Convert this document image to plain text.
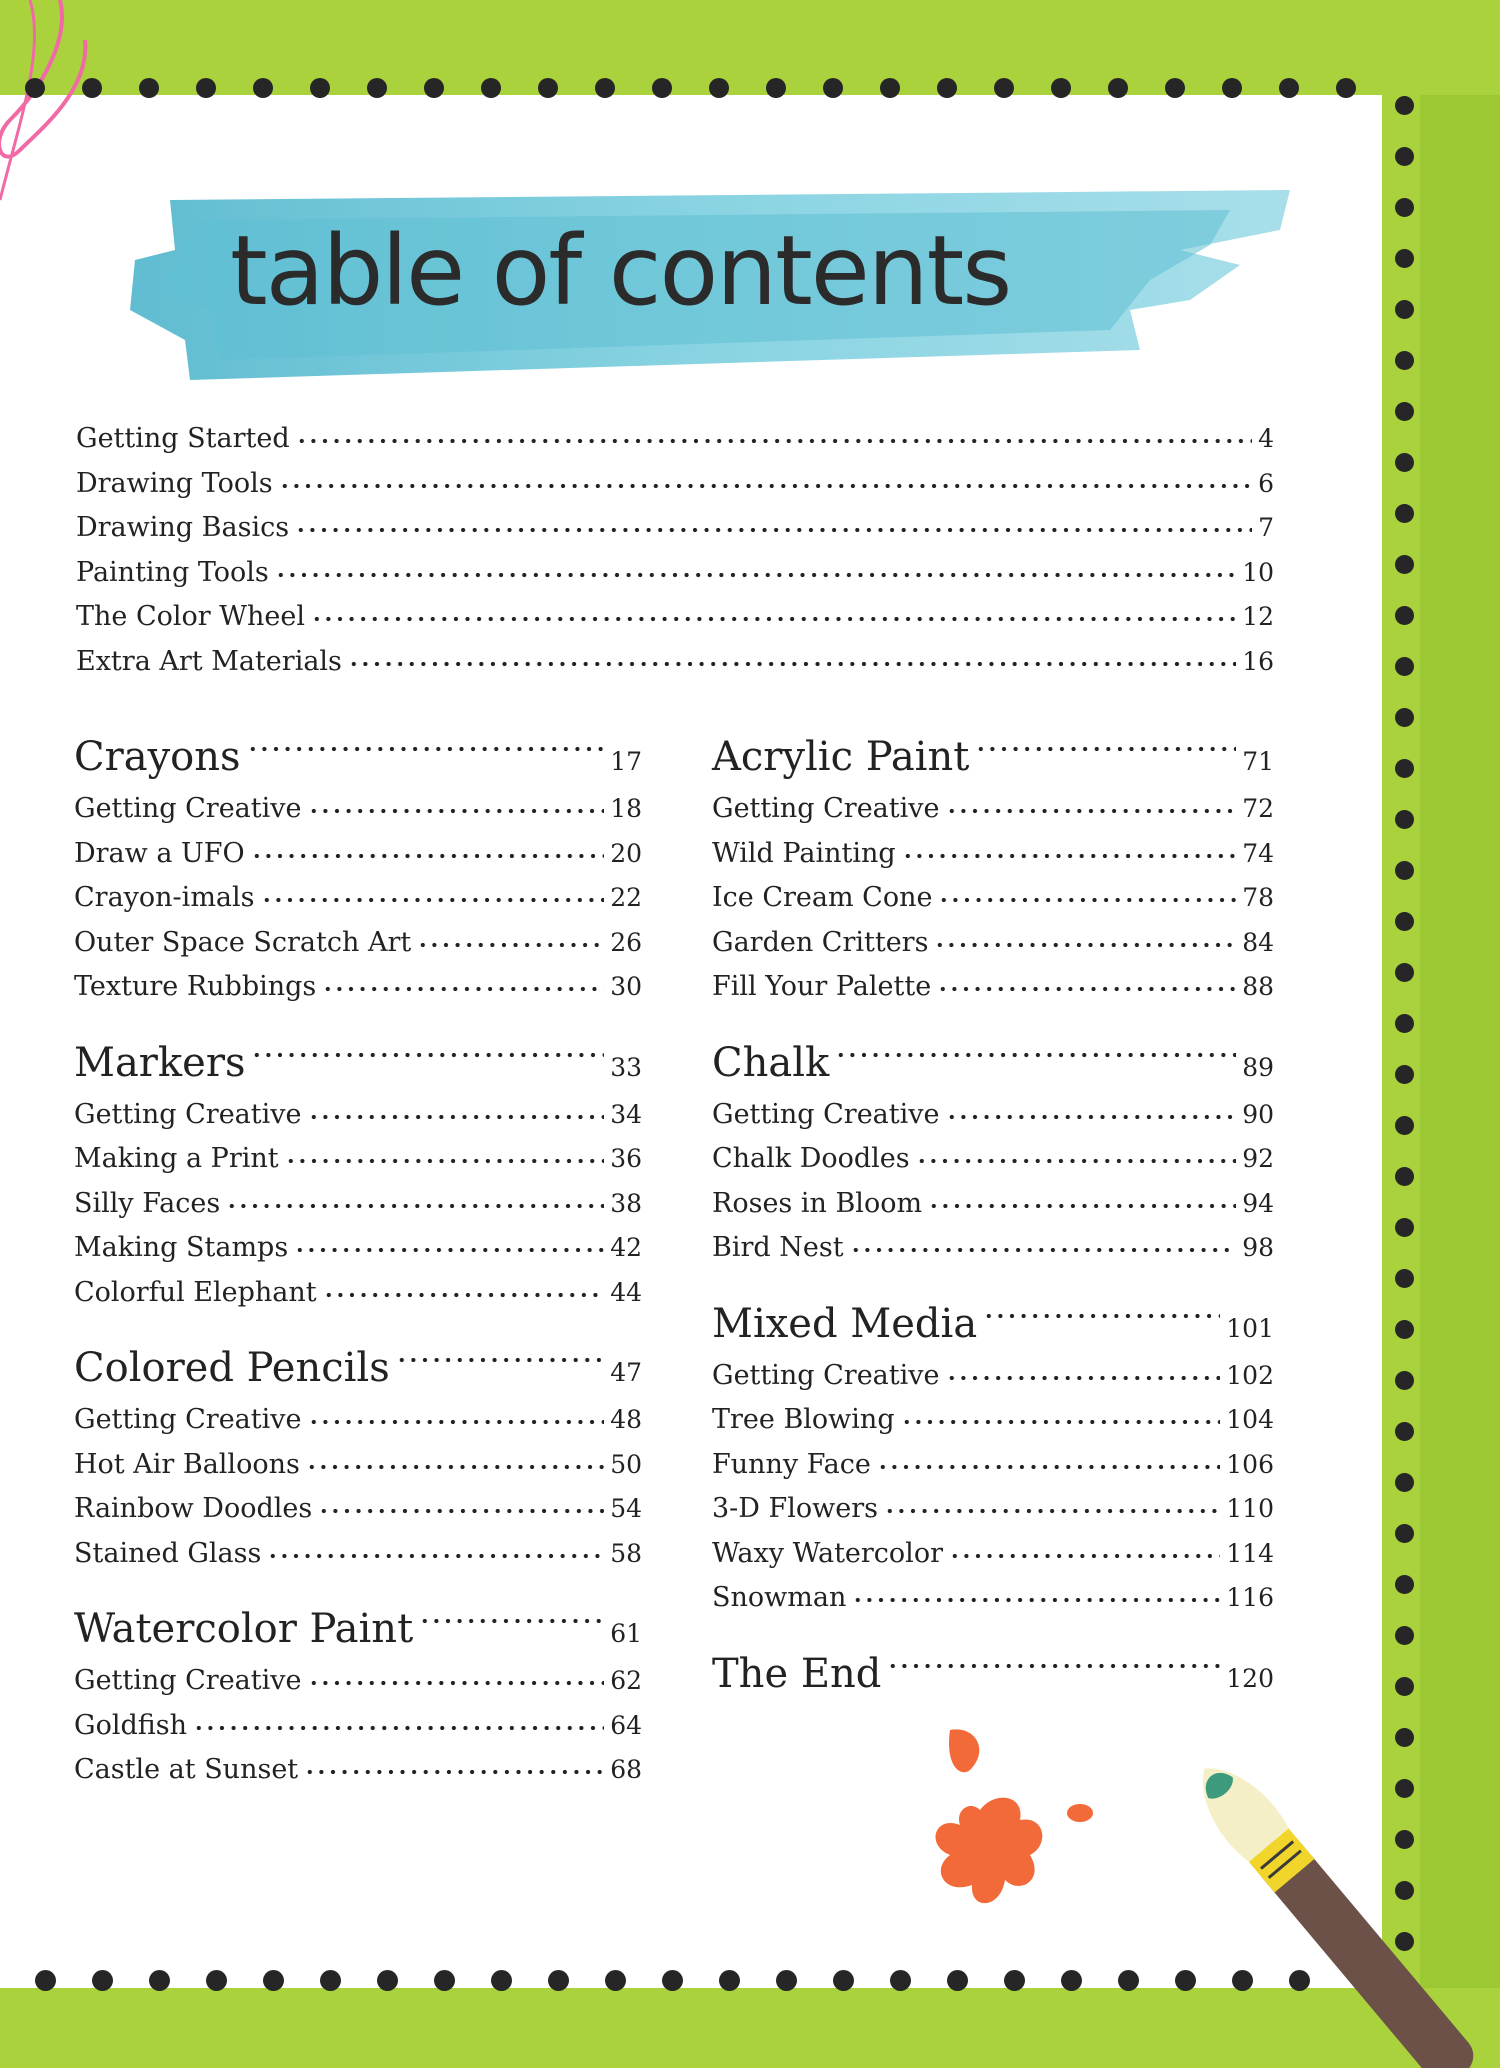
table of contents
Getting Started	4
Drawing Tools	6
Drawing Basics	7
Painting Tools	10
The Color Wheel	12
Extra Art Materials	16
Crayons	17
Getting Creative	18
Draw a UFO	20
Crayon-imals	22
Outer Space Scratch Art	26
Texture Rubbings	30
Markers	33
Getting Creative	34
Making a Print	36
Silly Faces	38
Making Stamps	42
Colorful Elephant	44
Colored Pencils	47
Getting Creative	48
Hot Air Balloons	50
Rainbow Doodles	54
Stained Glass	58
Watercolor Paint	61
Getting Creative	62
Goldfish	64
Castle at Sunset	68
Acrylic Paint	71
Getting Creative	72
Wild Painting	74
Ice Cream Cone	78
Garden Critters	84
Fill Your Palette	88
Chalk	89
Getting Creative	90
Chalk Doodles	92
Roses in Bloom	94
Bird Nest	98
Mixed Media	101
Getting Creative	102
Tree Blowing	104
Funny Face	106
3-D Flowers	110
Waxy Watercolor	114
Snowman	116
The End	120
